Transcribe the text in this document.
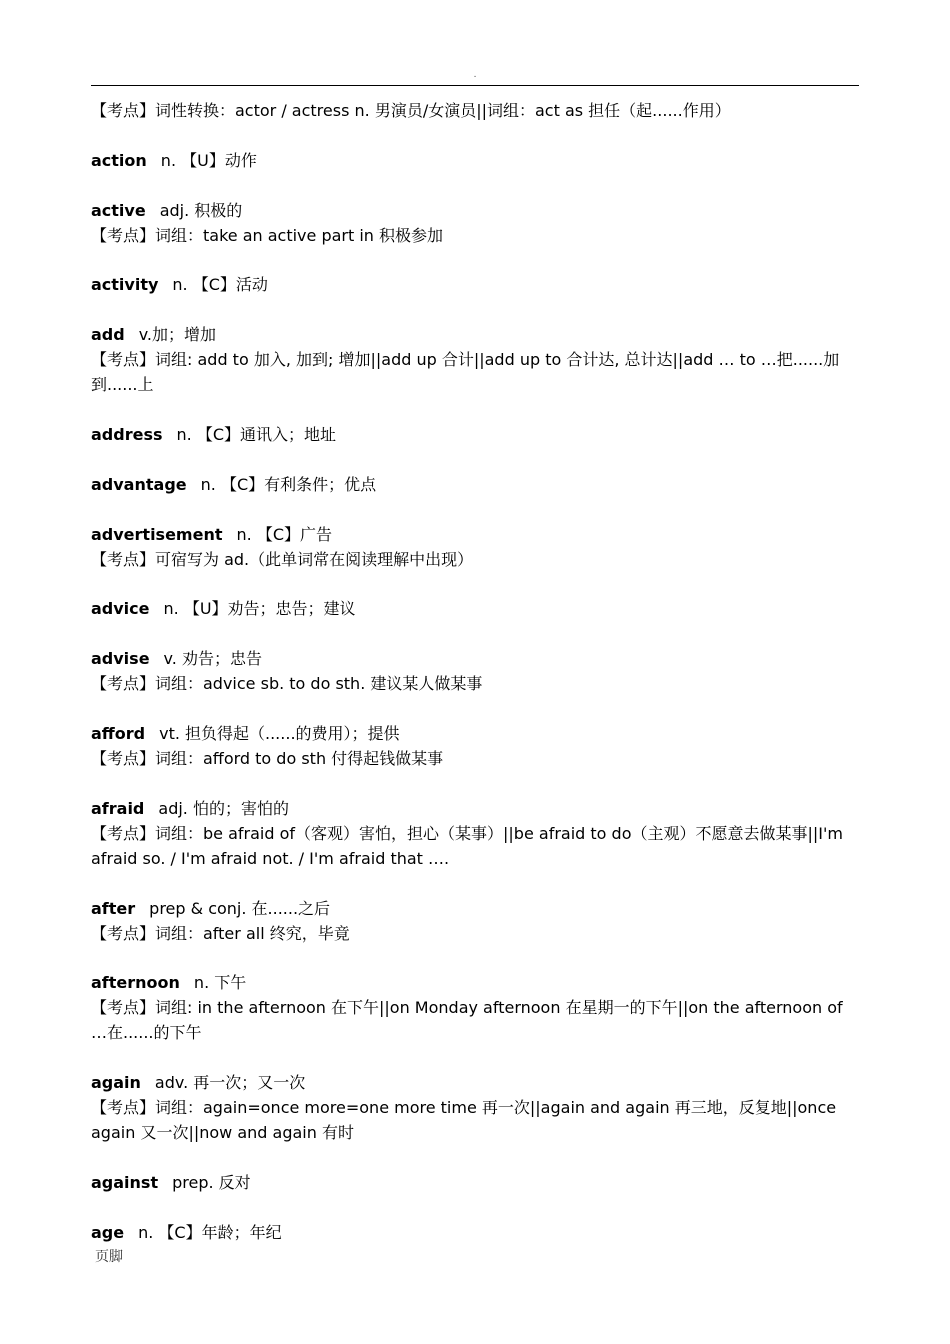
.
【考点】词性转换：actor / actress n. 男演员/女演员||词组：act as 担任（起......作用）
action n. 【U】动作
active adj. 积极的
【考点】词组：take an active part in 积极参加
activity n. 【C】活动
add v.加；增加
【考点】词组: add to 加入, 加到; 增加||add up 合计||add up to 合计达, 总计达||add … to …把......加到......上
address n. 【C】通讯入；地址
advantage n. 【C】有利条件；优点
advertisement n. 【C】广告
【考点】可宿写为 ad.（此单词常在阅读理解中出现）
advice n. 【U】劝告；忠告；建议
advise v. 劝告；忠告
【考点】词组：advice sb. to do sth. 建议某人做某事
afford vt. 担负得起（......的费用）；提供
【考点】词组：afford to do sth 付得起钱做某事
afraid adj. 怕的；害怕的
【考点】词组：be afraid of（客观）害怕，担心（某事）||be afraid to do（主观）不愿意去做某事||I'm afraid so. / I'm afraid not. / I'm afraid that ….
after prep & conj. 在......之后
【考点】词组：after all 终究，毕竟
afternoon n. 下午
【考点】词组: in the afternoon 在下午||on Monday afternoon 在星期一的下午||on the afternoon of …在......的下午
again adv. 再一次；又一次
【考点】词组：again=once more=one more time 再一次||again and again 再三地，反复地||once again 又一次||now and again 有时
against prep. 反对
age n. 【C】年龄；年纪
页脚
